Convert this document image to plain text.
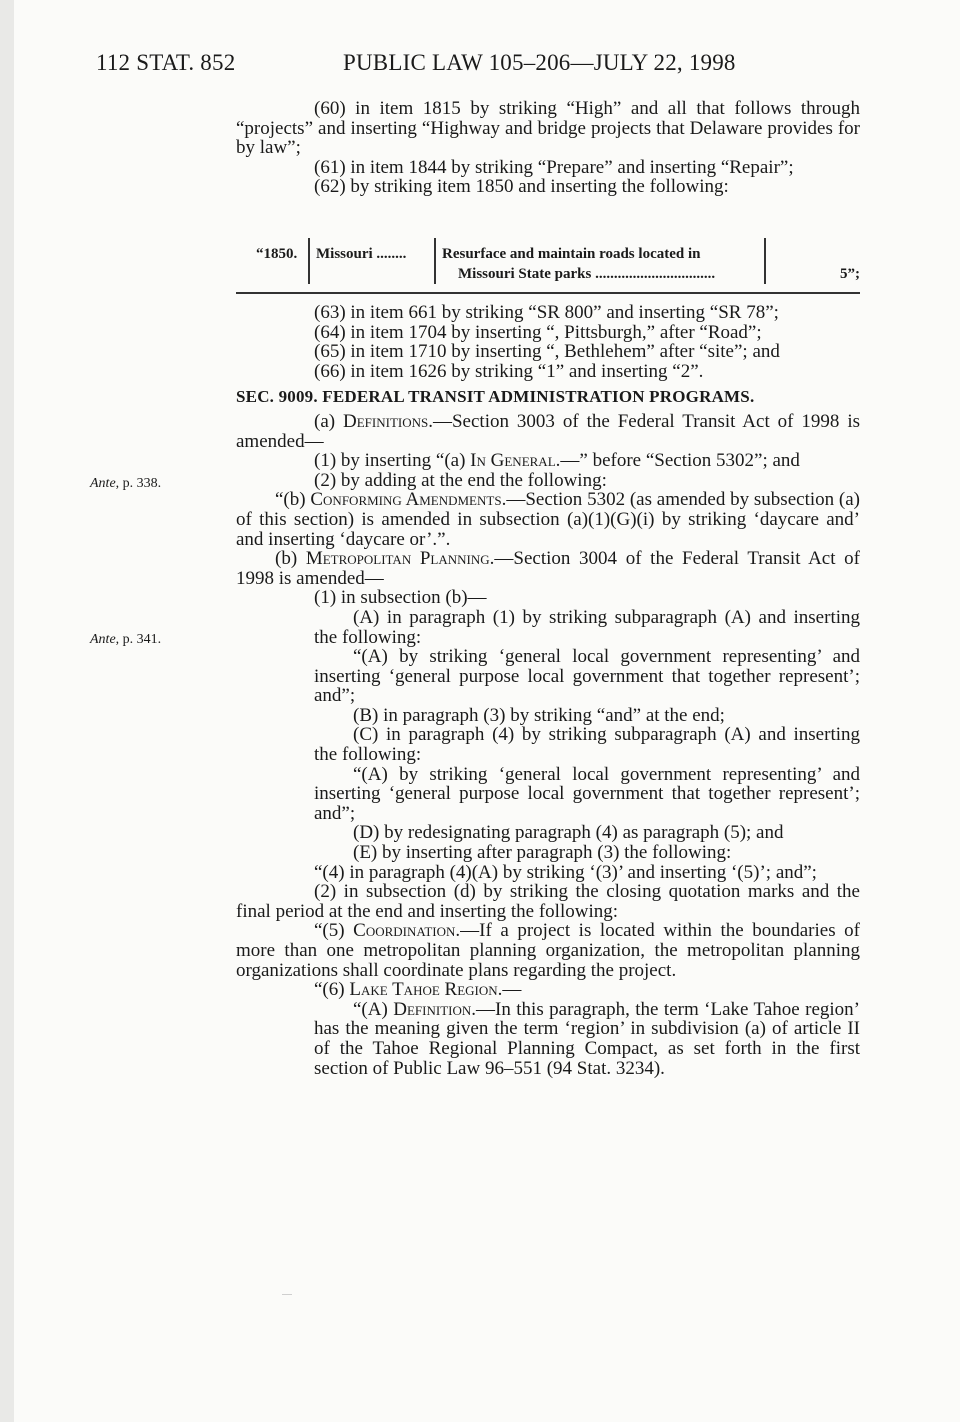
112 STAT. 852	PUBLIC LAW 105–206—JULY 22, 1998

(60) in item 1815 by striking “High” and all that follows through “projects” and inserting “Highway and bridge projects that Delaware provides for by law”;

(61) in item 1844 by striking “Prepare” and inserting “Repair”;

(62) by striking item 1850 and inserting the following:

“1850. Missouri ........ Resurface and maintain roads located in
Missouri State parks ................................	5”;

(63) in item 661 by striking “SR 800” and inserting “SR 78”;

(64) in item 1704 by inserting “, Pittsburgh,” after “Road”;

(65) in item 1710 by inserting “, Bethlehem” after “site”; and

(66) in item 1626 by striking “1” and inserting “2”.

SEC. 9009. FEDERAL TRANSIT ADMINISTRATION PROGRAMS.

(a) Definitions.—Section 3003 of the Federal Transit Act of 1998 is amended—

(1) by inserting “(a) In General.—” before “Section 5302”; and

(2) by adding at the end the following:

“(b) Conforming Amendments.—Section 5302 (as amended by subsection (a) of this section) is amended in subsection (a)(1)(G)(i) by striking ‘daycare and’ and inserting ‘daycare or’.”.

(b) Metropolitan Planning.—Section 3004 of the Federal Transit Act of 1998 is amended—

(1) in subsection (b)—

(A) in paragraph (1) by striking subparagraph (A) and inserting the following:

“(A) by striking ‘general local government representing’ and inserting ‘general purpose local government that together represent’; and”;

(B) in paragraph (3) by striking “and” at the end;

(C) in paragraph (4) by striking subparagraph (A) and inserting the following:

“(A) by striking ‘general local government representing’ and inserting ‘general purpose local government that together represent’; and”;

(D) by redesignating paragraph (4) as paragraph (5); and

(E) by inserting after paragraph (3) the following:

“(4) in paragraph (4)(A) by striking ‘(3)’ and inserting ‘(5)’; and”;

(2) in subsection (d) by striking the closing quotation marks and the final period at the end and inserting the following:

“(5) Coordination.—If a project is located within the boundaries of more than one metropolitan planning organization, the metropolitan planning organizations shall coordinate plans regarding the project.

“(6) Lake Tahoe Region.—

“(A) Definition.—In this paragraph, the term ‘Lake Tahoe region’ has the meaning given the term ‘region’ in subdivision (a) of article II of the Tahoe Regional Planning Compact, as set forth in the first section of Public Law 96–551 (94 Stat. 3234).

Ante, p. 338.
Ante, p. 341.
